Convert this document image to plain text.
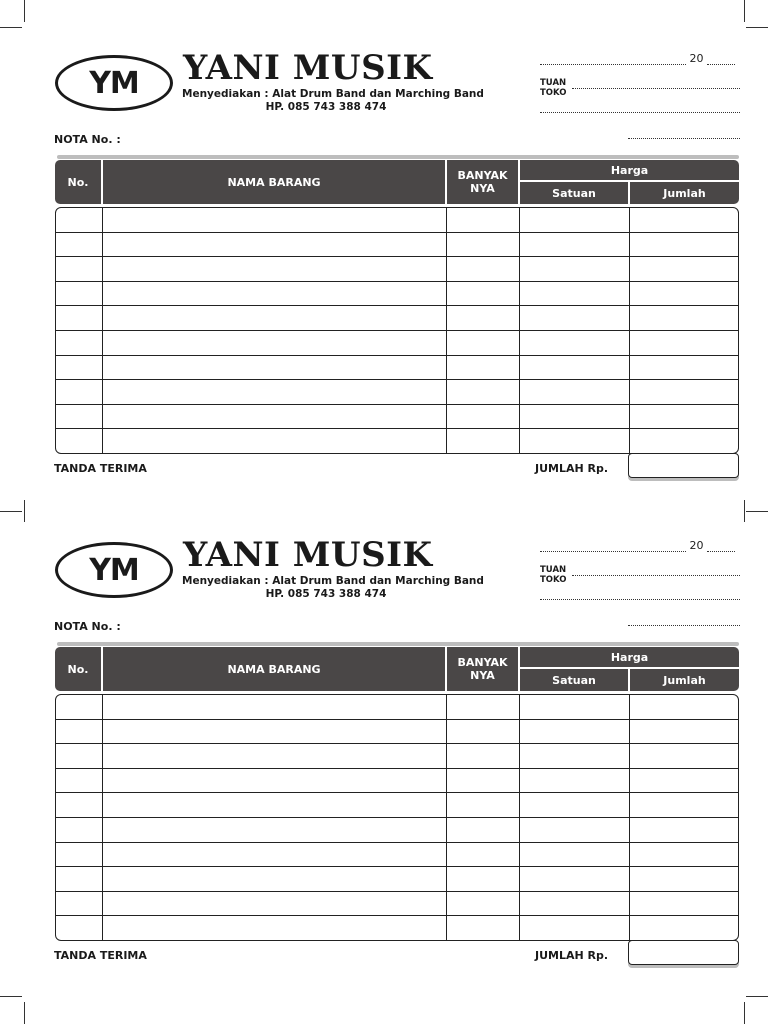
YM YANI MUSIK
Menyediakan : Alat Drum Band dan Marching Band
HP. 085 743 388 474
20
TUAN
TOKO
NOTA No. :
No.	NAMA BARANG	BANYAK
NYA
Harga
Satuan	Jumlah
TANDA TERIMA	JUMLAH Rp.
YM YANI MUSIK
Menyediakan : Alat Drum Band dan Marching Band
HP. 085 743 388 474
20
TUAN
TOKO
NOTA No. :
No.	NAMA BARANG	BANYAK
NYA
Harga
Satuan	Jumlah
TANDA TERIMA	JUMLAH Rp.
